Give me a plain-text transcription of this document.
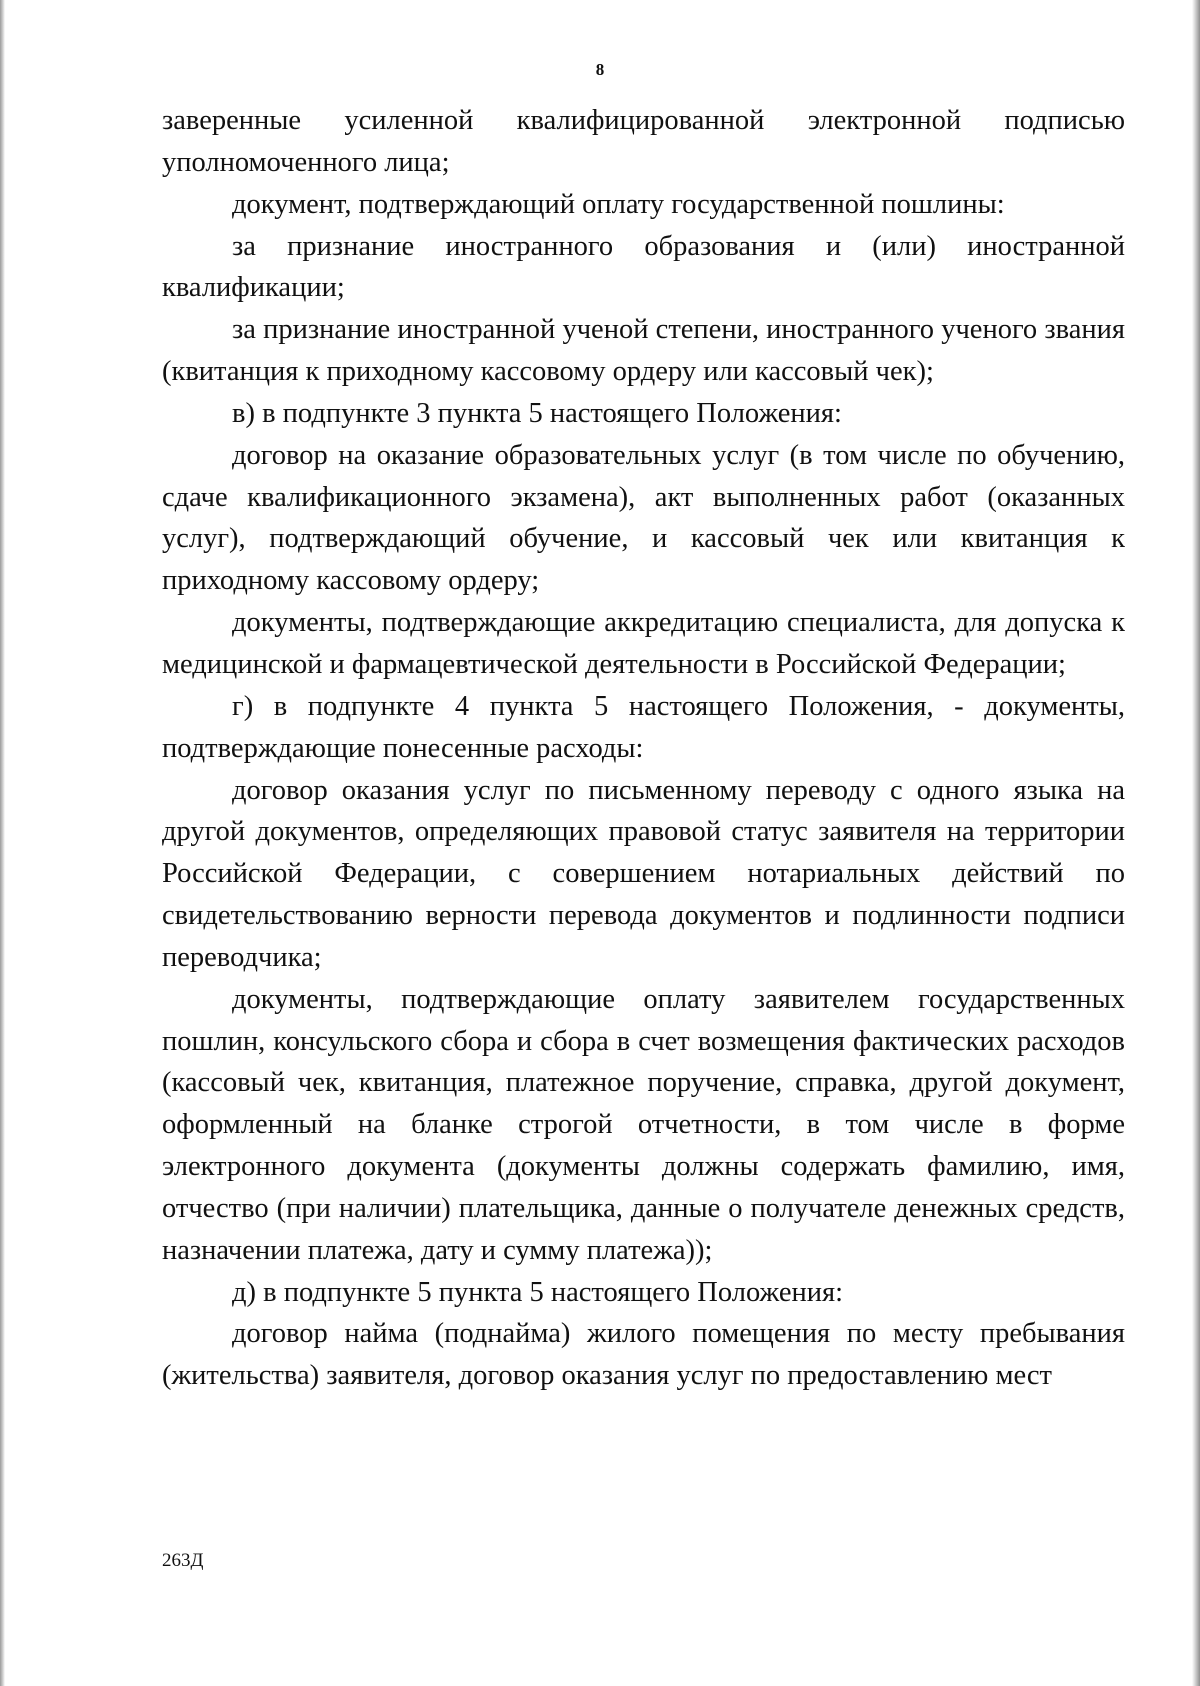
8

заверенные усиленной квалифицированной электронной подписью уполномоченного лица;

документ, подтверждающий оплату государственной пошлины:

за признание иностранного образования и (или) иностранной квалификации;

за признание иностранной ученой степени, иностранного ученого звания (квитанция к приходному кассовому ордеру или кассовый чек);

в) в подпункте 3 пункта 5 настоящего Положения:

договор на оказание образовательных услуг (в том числе по обучению, сдаче квалификационного экзамена), акт выполненных работ (оказанных услуг), подтверждающий обучение, и кассовый чек или квитанция к приходному кассовому ордеру;

документы, подтверждающие аккредитацию специалиста, для допуска к медицинской и фармацевтической деятельности в Российской Федерации;

г) в подпункте 4 пункта 5 настоящего Положения, - документы, подтверждающие понесенные расходы:

договор оказания услуг по письменному переводу с одного языка на другой документов, определяющих правовой статус заявителя на территории Российской Федерации, с совершением нотариальных действий по свидетельствованию верности перевода документов и подлинности подписи переводчика;

документы, подтверждающие оплату заявителем государственных пошлин, консульского сбора и сбора в счет возмещения фактических расходов (кассовый чек, квитанция, платежное поручение, справка, другой документ, оформленный на бланке строгой отчетности, в том числе в форме электронного документа (документы должны содержать фамилию, имя, отчество (при наличии) плательщика, данные о получателе денежных средств, назначении платежа, дату и сумму платежа));

д) в подпункте 5 пункта 5 настоящего Положения:

договор найма (поднайма) жилого помещения по месту пребывания (жительства) заявителя, договор оказания услуг по предоставлению мест

263Д
